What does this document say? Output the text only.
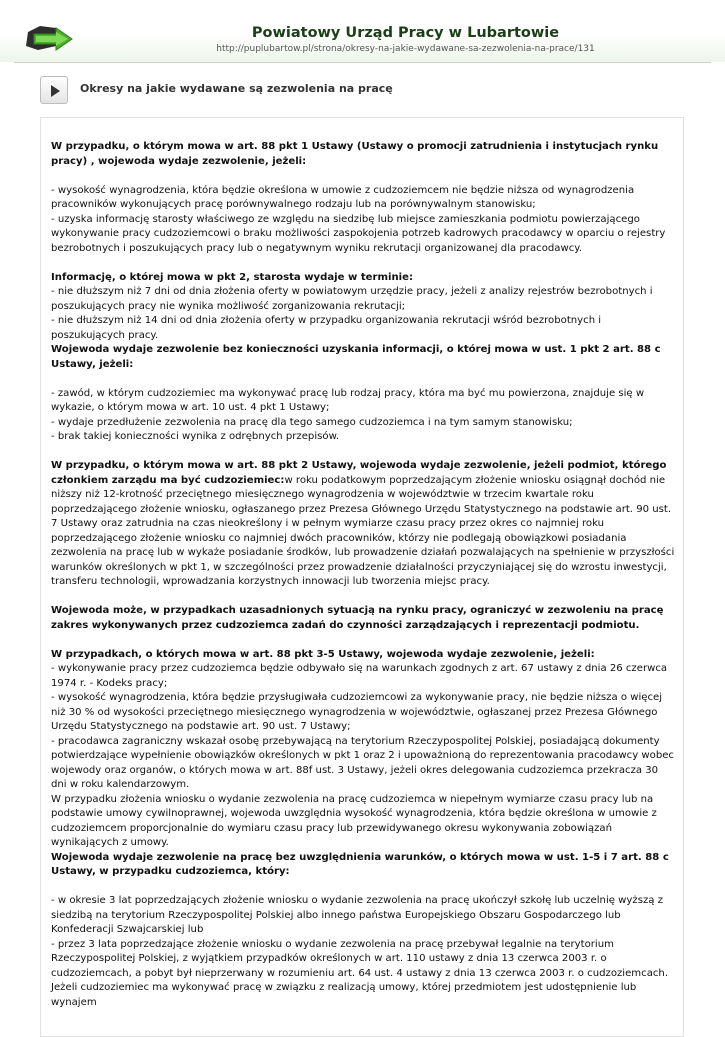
Powiatowy Urząd Pracy w Lubartowie
http://puplubartow.pl/strona/okresy-na-jakie-wydawane-sa-zezwolenia-na-prace/131
Okresy na jakie wydawane są zezwolenia na pracę

W przypadku, o którym mowa w art. 88 pkt 1 Ustawy (Ustawy o promocji zatrudnienia i instytucjach rynku pracy) , wojewoda wydaje zezwolenie, jeżeli:

- wysokość wynagrodzenia, która będzie określona w umowie z cudzoziemcem nie będzie niższa od wynagrodzenia pracowników wykonujących pracę porównywalnego rodzaju lub na porównywalnym stanowisku;

- uzyska informację starosty właściwego ze względu na siedzibę lub miejsce zamieszkania podmiotu powierzającego wykonywanie pracy cudzoziemcowi o braku możliwości zaspokojenia potrzeb kadrowych pracodawcy w oparciu o rejestry bezrobotnych i poszukujących pracy lub o negatywnym wyniku rekrutacji organizowanej dla pracodawcy.

Informację, o której mowa w pkt 2, starosta wydaje w terminie:

- nie dłuższym niż 7 dni od dnia złożenia oferty w powiatowym urzędzie pracy, jeżeli z analizy rejestrów bezrobotnych i poszukujących pracy nie wynika możliwość zorganizowania rekrutacji;

- nie dłuższym niż 14 dni od dnia złożenia oferty w przypadku organizowania rekrutacji wśród bezrobotnych i poszukujących pracy.

Wojewoda wydaje zezwolenie bez konieczności uzyskania informacji, o której mowa w ust. 1 pkt 2 art. 88 c Ustawy, jeżeli:

- zawód, w którym cudzoziemiec ma wykonywać pracę lub rodzaj pracy, która ma być mu powierzona, znajduje się w wykazie, o którym mowa w art. 10 ust. 4 pkt 1 Ustawy;

- wydaje przedłużenie zezwolenia na pracę dla tego samego cudzoziemca i na tym samym stanowisku;

- brak takiej konieczności wynika z odrębnych przepisów.

W przypadku, o którym mowa w art. 88 pkt 2 Ustawy, wojewoda wydaje zezwolenie, jeżeli podmiot, którego członkiem zarządu ma być cudzoziemiec:w roku podatkowym poprzedzającym złożenie wniosku osiągnął dochód nie niższy niż 12-krotność przeciętnego miesięcznego wynagrodzenia w województwie w trzecim kwartale roku poprzedzającego złożenie wniosku, ogłaszanego przez Prezesa Głównego Urzędu Statystycznego na podstawie art. 90 ust. 7 Ustawy oraz zatrudnia na czas nieokreślony i w pełnym wymiarze czasu pracy przez okres co najmniej roku poprzedzającego złożenie wniosku co najmniej dwóch pracowników, którzy nie podlegają obowiązkowi posiadania zezwolenia na pracę lub w wykaże posiadanie środków, lub prowadzenie działań pozwalających na spełnienie w przyszłości warunków określonych w pkt 1, w szczególności przez prowadzenie działalności przyczyniającej się do wzrostu inwestycji, transferu technologii, wprowadzania korzystnych innowacji lub tworzenia miejsc pracy.

Wojewoda może, w przypadkach uzasadnionych sytuacją na rynku pracy, ograniczyć w zezwoleniu na pracę zakres wykonywanych przez cudzoziemca zadań do czynności zarządzających i reprezentacji podmiotu.

W przypadkach, o których mowa w art. 88 pkt 3-5 Ustawy, wojewoda wydaje zezwolenie, jeżeli:

- wykonywanie pracy przez cudzoziemca będzie odbywało się na warunkach zgodnych z art. 67 ustawy z dnia 26 czerwca 1974 r. - Kodeks pracy;

- wysokość wynagrodzenia, która będzie przysługiwała cudzoziemcowi za wykonywanie pracy, nie będzie niższa o więcej niż 30 % od wysokości przeciętnego miesięcznego wynagrodzenia w województwie, ogłaszanej przez Prezesa Głównego Urzędu Statystycznego na podstawie art. 90 ust. 7 Ustawy;

- pracodawca zagraniczny wskazał osobę przebywającą na terytorium Rzeczypospolitej Polskiej, posiadającą dokumenty potwierdzające wypełnienie obowiązków określonych w pkt 1 oraz 2 i upoważnioną do reprezentowania pracodawcy wobec wojewody oraz organów, o których mowa w art. 88f ust. 3 Ustawy, jeżeli okres delegowania cudzoziemca przekracza 30 dni w roku kalendarzowym.

W przypadku złożenia wniosku o wydanie zezwolenia na pracę cudzoziemca w niepełnym wymiarze czasu pracy lub na podstawie umowy cywilnoprawnej, wojewoda uwzględnia wysokość wynagrodzenia, która będzie określona w umowie z cudzoziemcem proporcjonalnie do wymiaru czasu pracy lub przewidywanego okresu wykonywania zobowiązań wynikających z umowy.

Wojewoda wydaje zezwolenie na pracę bez uwzględnienia warunków, o których mowa w ust. 1-5 i 7 art. 88 c Ustawy, w przypadku cudzoziemca, który:

- w okresie 3 lat poprzedzających złożenie wniosku o wydanie zezwolenia na pracę ukończył szkołę lub uczelnię wyższą z siedzibą na terytorium Rzeczypospolitej Polskiej albo innego państwa Europejskiego Obszaru Gospodarczego lub Konfederacji Szwajcarskiej lub

- przez 3 lata poprzedzające złożenie wniosku o wydanie zezwolenia na pracę przebywał legalnie na terytorium Rzeczypospolitej Polskiej, z wyjątkiem przypadków określonych w art. 110 ustawy z dnia 13 czerwca 2003 r. o cudzoziemcach, a pobyt był nieprzerwany w rozumieniu art. 64 ust. 4 ustawy z dnia 13 czerwca 2003 r. o cudzoziemcach.

Jeżeli cudzoziemiec ma wykonywać pracę w związku z realizacją umowy, której przedmiotem jest udostępnienie lub wynajem
